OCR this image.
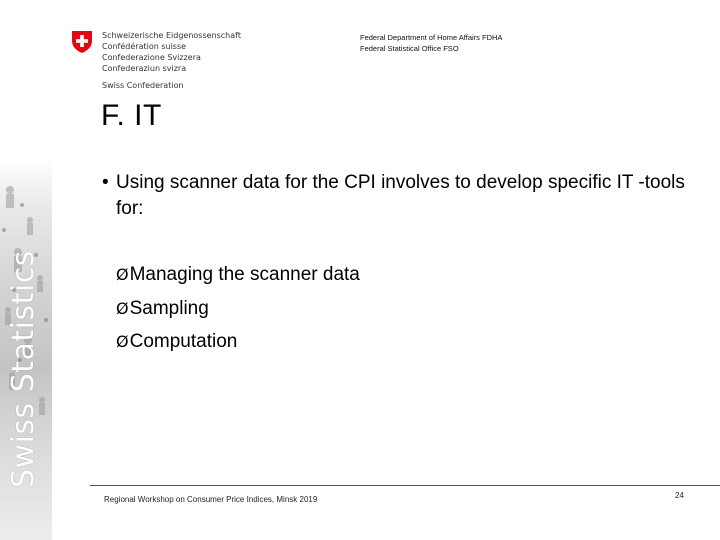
Swiss Statistics
Schweizerische Eidgenossenschaft
Confédération suisse
Confederazione Svizzera
Confederaziun svizra
Swiss Confederation
Federal Department of Home Affairs FDHA
Federal Statistical Office FSO
F. IT
• Using scanner data for the CPI involves to develop specific IT -tools for:
ØManaging the scanner data
ØSampling
ØComputation
Regional Workshop on Consumer Price Indices, Minsk 2019	24
